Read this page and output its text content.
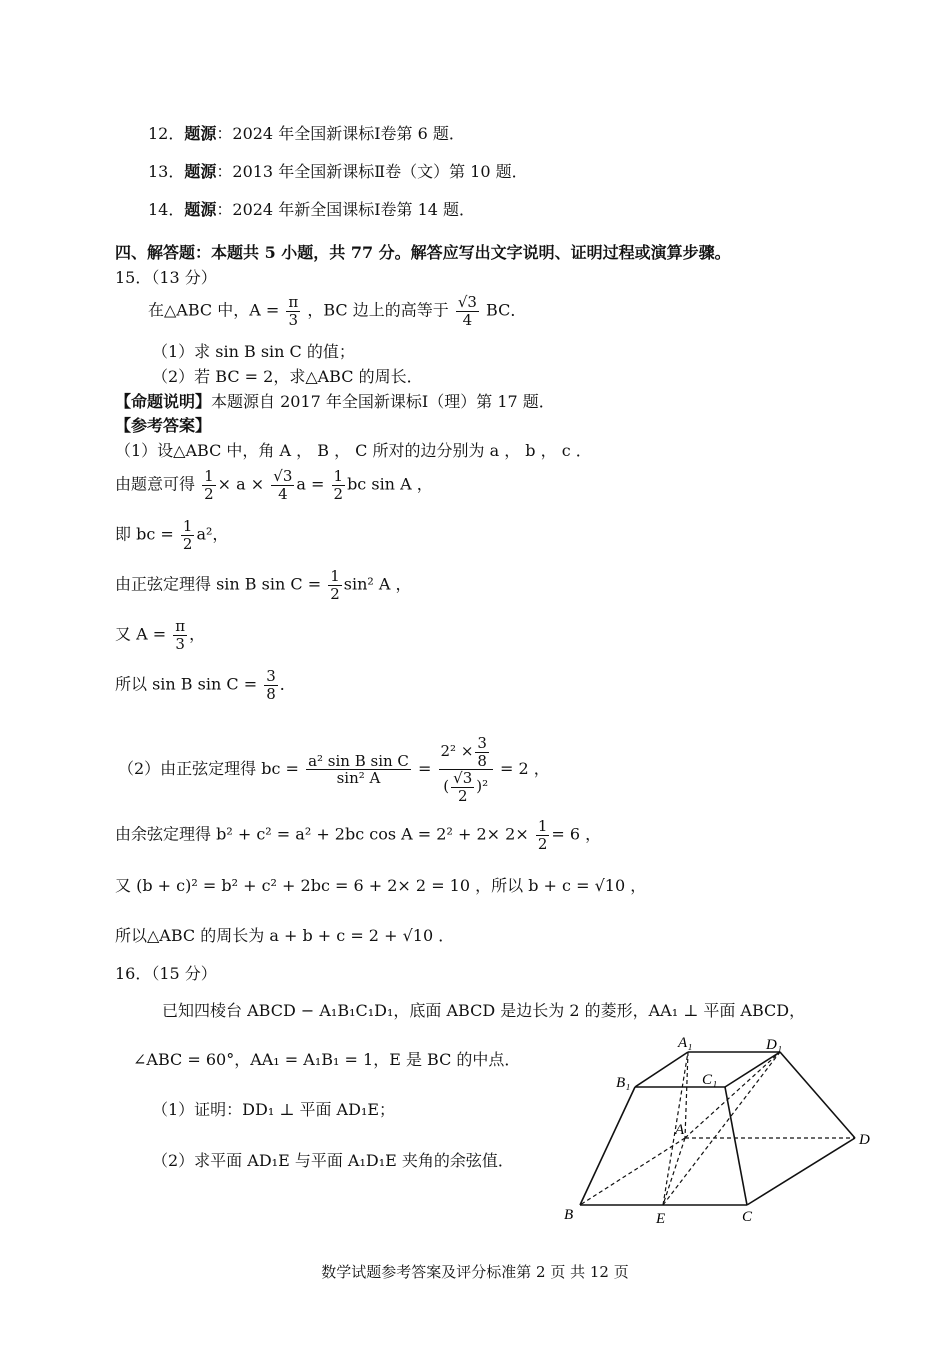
12．题源：2024 年全国新课标Ⅰ卷第 6 题．
13．题源：2013 年全国新课标Ⅱ卷（文）第 10 题．
14．题源：2024 年新全国课标Ⅰ卷第 14 题．
四、解答题：本题共 5 小题，共 77 分。解答应写出文字说明、证明过程或演算步骤。
15．（13 分）
在△ABC 中，$A = \frac{\pi}{3}$ ，BC 边上的高等于 $\frac{√3}{4}$ BC．
（1）求 sin B sin C 的值；
（2）若 BC = 2，求△ABC 的周长．
【命题说明】本题源自 2017 年全国新课标Ⅰ（理）第 17 题．
【参考答案】
（1）设△ABC 中，角 A ， B ， C 所对的边分别为 a ， b ， c ．
由题意可得 $\frac{1}{2} \times a \times \frac{√3}{4}$ $a = \frac{1}{2}$ bc sin A ，
即 bc = $\frac{1}{2} a^2$，
由正弦定理得 sin B $\sin C = \frac{1}{2} \sin^2$ A ，
又 $A = \frac{\pi}{3}$ ，
所以 sin B $\sin C = \frac{3}{8}$ ．
（2）由正弦定理得 bc = $\frac{\text{a² sin B sin C}}{\text{sin² A}} = \frac{2^2 \times \frac{3}{8}}{( \frac{√3}{2} )^2} = 2$ ，
由余弦定理得 b² + c² = a² + 2bc $\cos A = 2^2 + 2\times 2\times \frac{1}{2} = 6$ ，
又 (b + c)² = b² + c² + 2bc = 6 + 2× 2 = 10 ，所以 b + c = √10 ，
所以△ABC 的周长为 a + b + c = 2 + √10 ．
16．（15 分）
已知四棱台 ABCD − A₁B₁C₁D₁，底面 ABCD 是边长为 2 的菱形，AA₁ ⊥ 平面 ABCD，
∠ABC = 60°，AA₁ = A₁B₁ = 1，E 是 BC 的中点．
（1）证明：DD₁ ⊥ 平面 AD₁E；
（2）求平面 AD₁E 与平面 A₁D₁E 夹角的余弦值．
A₁	D₁
B₁	C₁
A
D
B	E	C
数学试题参考答案及评分标准第 2 页 共 12 页
